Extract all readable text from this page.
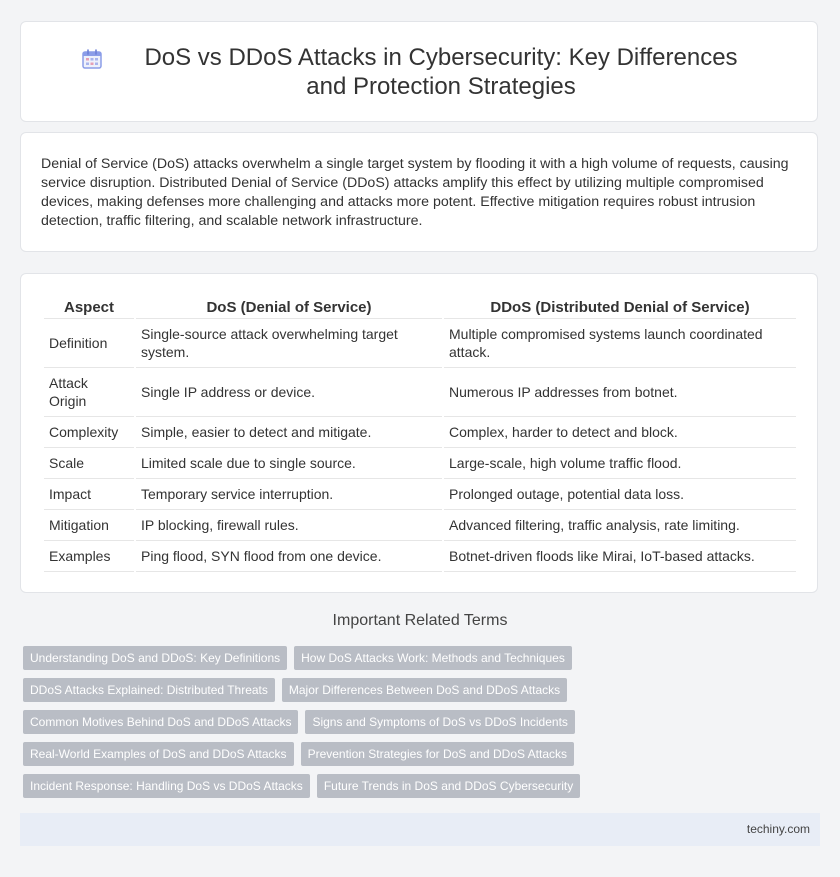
DoS vs DDoS Attacks in Cybersecurity: Key Differences and Protection Strategies

Denial of Service (DoS) attacks overwhelm a single target system by flooding it with a high volume of requests, causing service disruption. Distributed Denial of Service (DDoS) attacks amplify this effect by utilizing multiple compromised devices, making defenses more challenging and attacks more potent. Effective mitigation requires robust intrusion detection, traffic filtering, and scalable network infrastructure.

Aspect	DoS (Denial of Service)	DDoS (Distributed Denial of Service)
Definition	Single-source attack overwhelming target system.	Multiple compromised systems launch coordinated attack.
Attack Origin	Single IP address or device.	Numerous IP addresses from botnet.
Complexity	Simple, easier to detect and mitigate.	Complex, harder to detect and block.
Scale	Limited scale due to single source.	Large-scale, high volume traffic flood.
Impact	Temporary service interruption.	Prolonged outage, potential data loss.
Mitigation	IP blocking, firewall rules.	Advanced filtering, traffic analysis, rate limiting.
Examples	Ping flood, SYN flood from one device.	Botnet-driven floods like Mirai, IoT-based attacks.
Important Related Terms
Understanding DoS and DDoS: Key Definitions	How DoS Attacks Work: Methods and Techniques
DDoS Attacks Explained: Distributed Threats	Major Differences Between DoS and DDoS Attacks
Common Motives Behind DoS and DDoS Attacks	Signs and Symptoms of DoS vs DDoS Incidents
Real-World Examples of DoS and DDoS Attacks	Prevention Strategies for DoS and DDoS Attacks
Incident Response: Handling DoS vs DDoS Attacks	Future Trends in DoS and DDoS Cybersecurity
techiny.com
